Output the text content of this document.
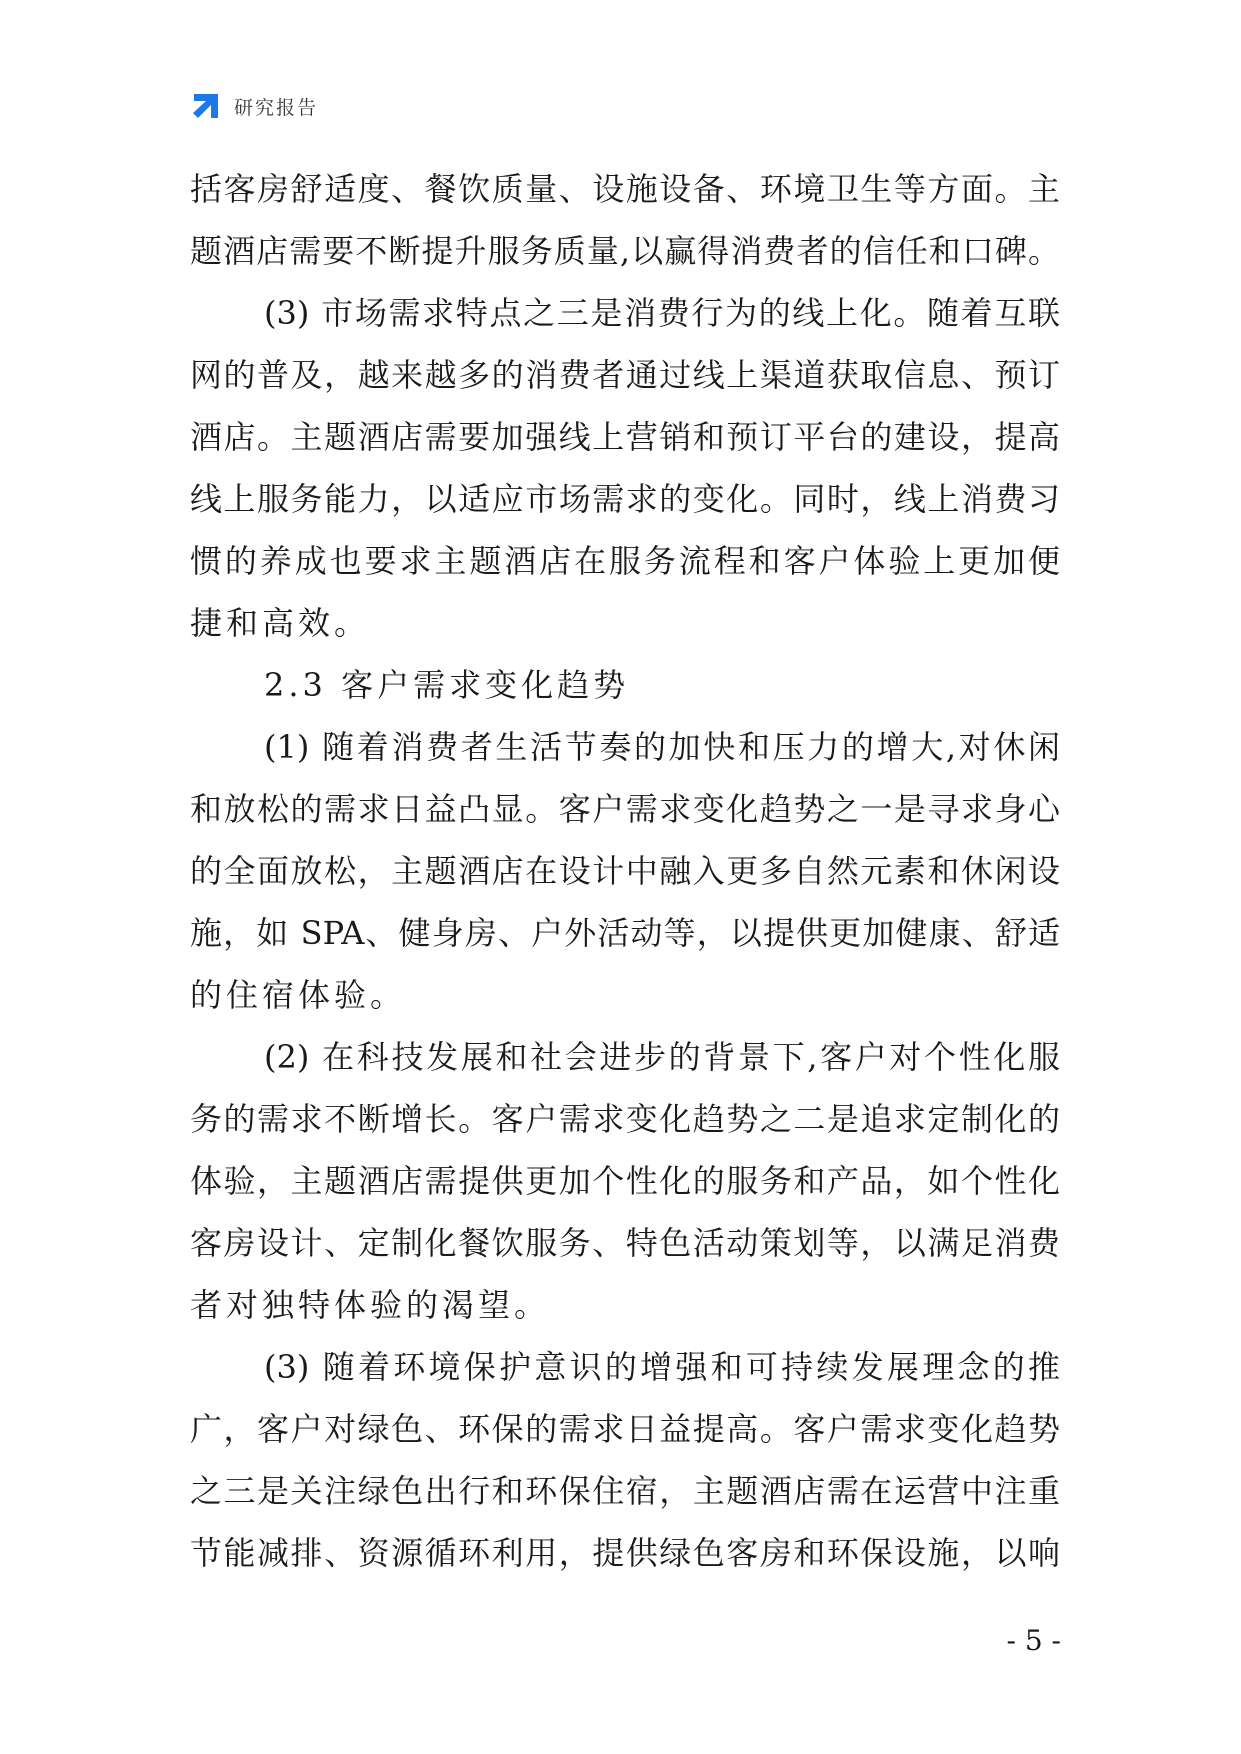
研究报告
括客房舒适度、餐饮质量、设施设备、环境卫生等方面。主
题酒店需要不断提升服务质量,以赢得消费者的信任和口碑。
(3) 市场需求特点之三是消费行为的线上化。随着互联
网的普及，越来越多的消费者通过线上渠道获取信息、预订
酒店。主题酒店需要加强线上营销和预订平台的建设，提高
线上服务能力，以适应市场需求的变化。同时，线上消费习
惯的养成也要求主题酒店在服务流程和客户体验上更加便
捷和高效。
2.3 客户需求变化趋势
(1) 随着消费者生活节奏的加快和压力的增大,对休闲
和放松的需求日益凸显。客户需求变化趋势之一是寻求身心
的全面放松，主题酒店在设计中融入更多自然元素和休闲设
施，如 SPA、健身房、户外活动等，以提供更加健康、舒适
的住宿体验。
(2) 在科技发展和社会进步的背景下,客户对个性化服
务的需求不断增长。客户需求变化趋势之二是追求定制化的
体验，主题酒店需提供更加个性化的服务和产品，如个性化
客房设计、定制化餐饮服务、特色活动策划等，以满足消费
者对独特体验的渴望。
(3) 随着环境保护意识的增强和可持续发展理念的推
广，客户对绿色、环保的需求日益提高。客户需求变化趋势
之三是关注绿色出行和环保住宿，主题酒店需在运营中注重
节能减排、资源循环利用，提供绿色客房和环保设施，以响
- 5 -
